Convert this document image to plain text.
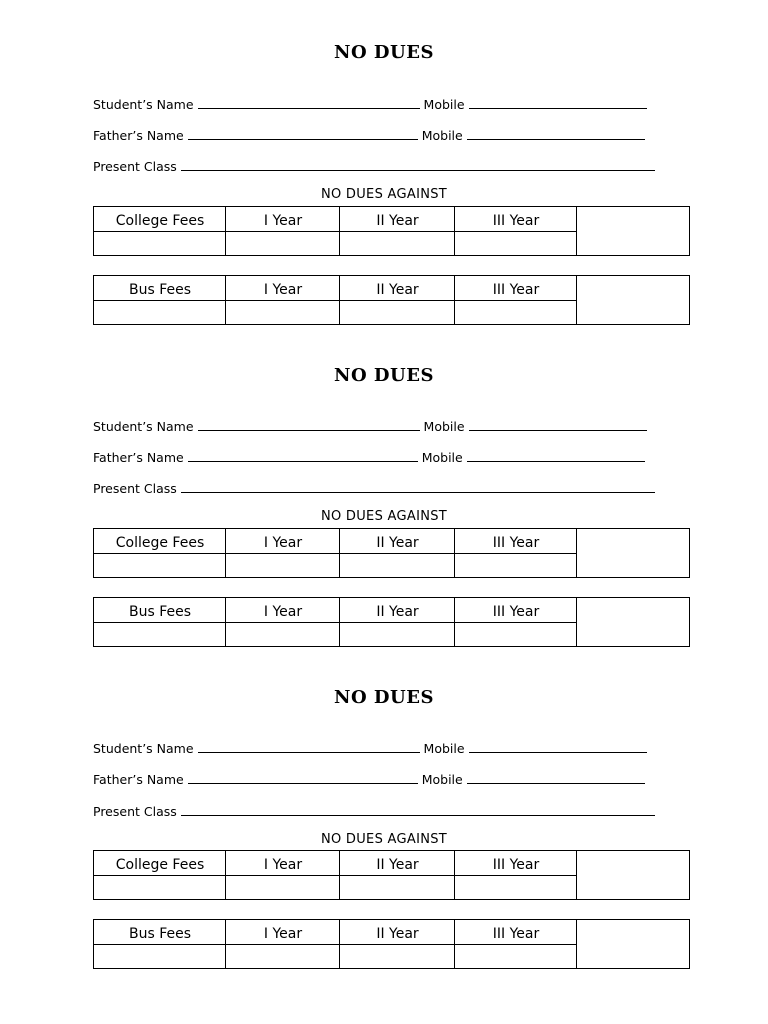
NO DUES
Student’s Name	Mobile
Father’s Name	Mobile
Present Class
NO DUES AGAINST
College Fees	I Year	II Year	III Year
Bus Fees	I Year	II Year	III Year
NO DUES
Student’s Name	Mobile
Father’s Name	Mobile
Present Class
NO DUES AGAINST
College Fees	I Year	II Year	III Year
Bus Fees	I Year	II Year	III Year
NO DUES
Student’s Name	Mobile
Father’s Name	Mobile
Present Class
NO DUES AGAINST
College Fees	I Year	II Year	III Year
Bus Fees	I Year	II Year	III Year
